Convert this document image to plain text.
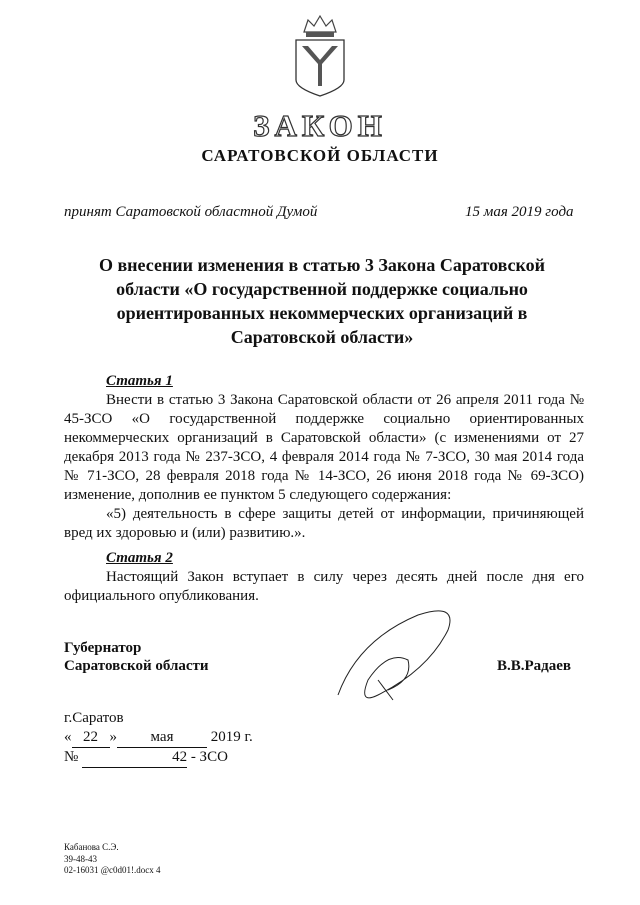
ЗАКОН
САРАТОВСКОЙ ОБЛАСТИ
принят Саратовской областной Думой	15 мая 2019 года
О внесении изменения в статью 3 Закона Саратовской
области «О государственной поддержке социально
ориентированных некоммерческих организаций в
Саратовской области»
Статья 1

Внести в статью 3 Закона Саратовской области от 26 апреля 2011 года № 45-ЗСО «О государственной поддержке социально ориентированных некоммерческих организаций в Саратовской области» (с изменениями от 27 декабря 2013 года № 237-ЗСО, 4 февраля 2014 года № 7-ЗСО, 30 мая 2014 года № 71-ЗСО, 28 февраля 2018 года № 14-ЗСО, 26 июня 2018 года № 69-ЗСО) изменение, дополнив ее пунктом 5 следующего содержания:

«5) деятельность в сфере защиты детей от информации, причиняющей вред их здоровью и (или) развитию.».

Статья 2

Настоящий Закон вступает в силу через десять дней после дня его официального опубликования.

Губернатор
Саратовской области	В.В.Радаев
г.Саратов
« 22 » мая 2019 г.
№	42 - ЗСО
Кабанова С.Э.
39-48-43
02-16031 @c0d01!.docx 4
